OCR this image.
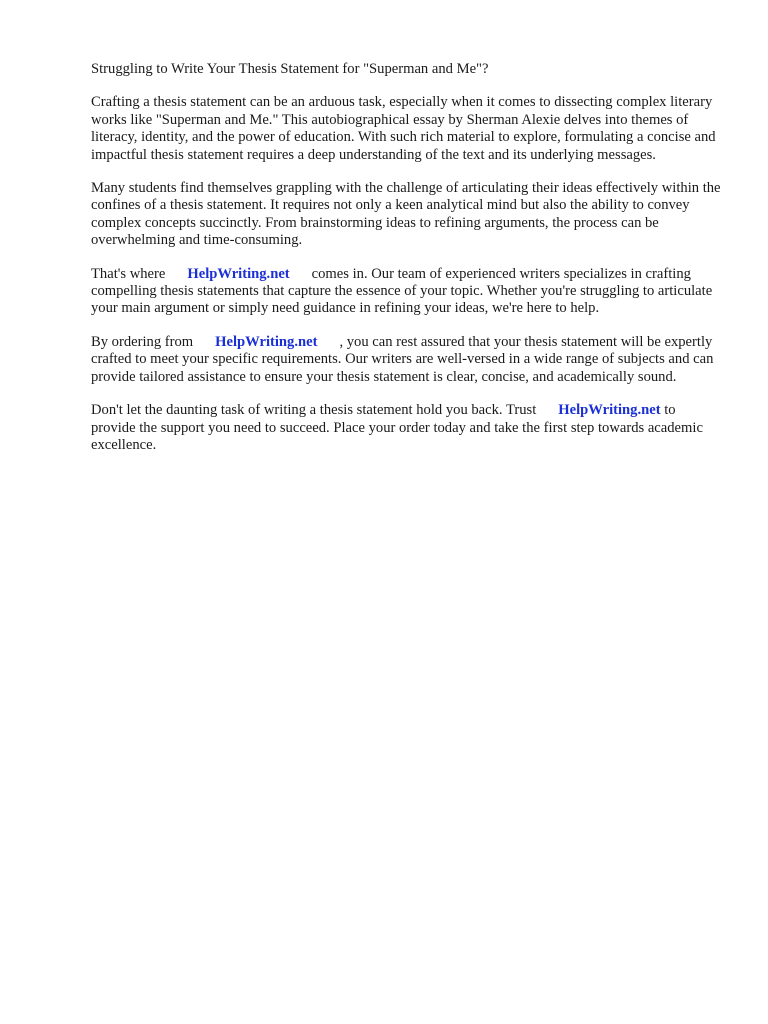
Struggling to Write Your Thesis Statement for "Superman and Me"?

Crafting a thesis statement can be an arduous task, especially when it comes to dissecting complex literary works like "Superman and Me." This autobiographical essay by Sherman Alexie delves into themes of literacy, identity, and the power of education. With such rich material to explore, formulating a concise and impactful thesis statement requires a deep understanding of the text and its underlying messages.

Many students find themselves grappling with the challenge of articulating their ideas effectively within the confines of a thesis statement. It requires not only a keen analytical mind but also the ability to convey complex concepts succinctly. From brainstorming ideas to refining arguments, the process can be overwhelming and time-consuming.

That's where HelpWriting.net comes in. Our team of experienced writers specializes in crafting compelling thesis statements that capture the essence of your topic. Whether you're struggling to articulate your main argument or simply need guidance in refining your ideas, we're here to help.

By ordering from HelpWriting.net , you can rest assured that your thesis statement will be expertly crafted to meet your specific requirements. Our writers are well-versed in a wide range of subjects and can provide tailored assistance to ensure your thesis statement is clear, concise, and academically sound.

Don't let the daunting task of writing a thesis statement hold you back. Trust HelpWriting.net to provide the support you need to succeed. Place your order today and take the first step towards academic excellence.
